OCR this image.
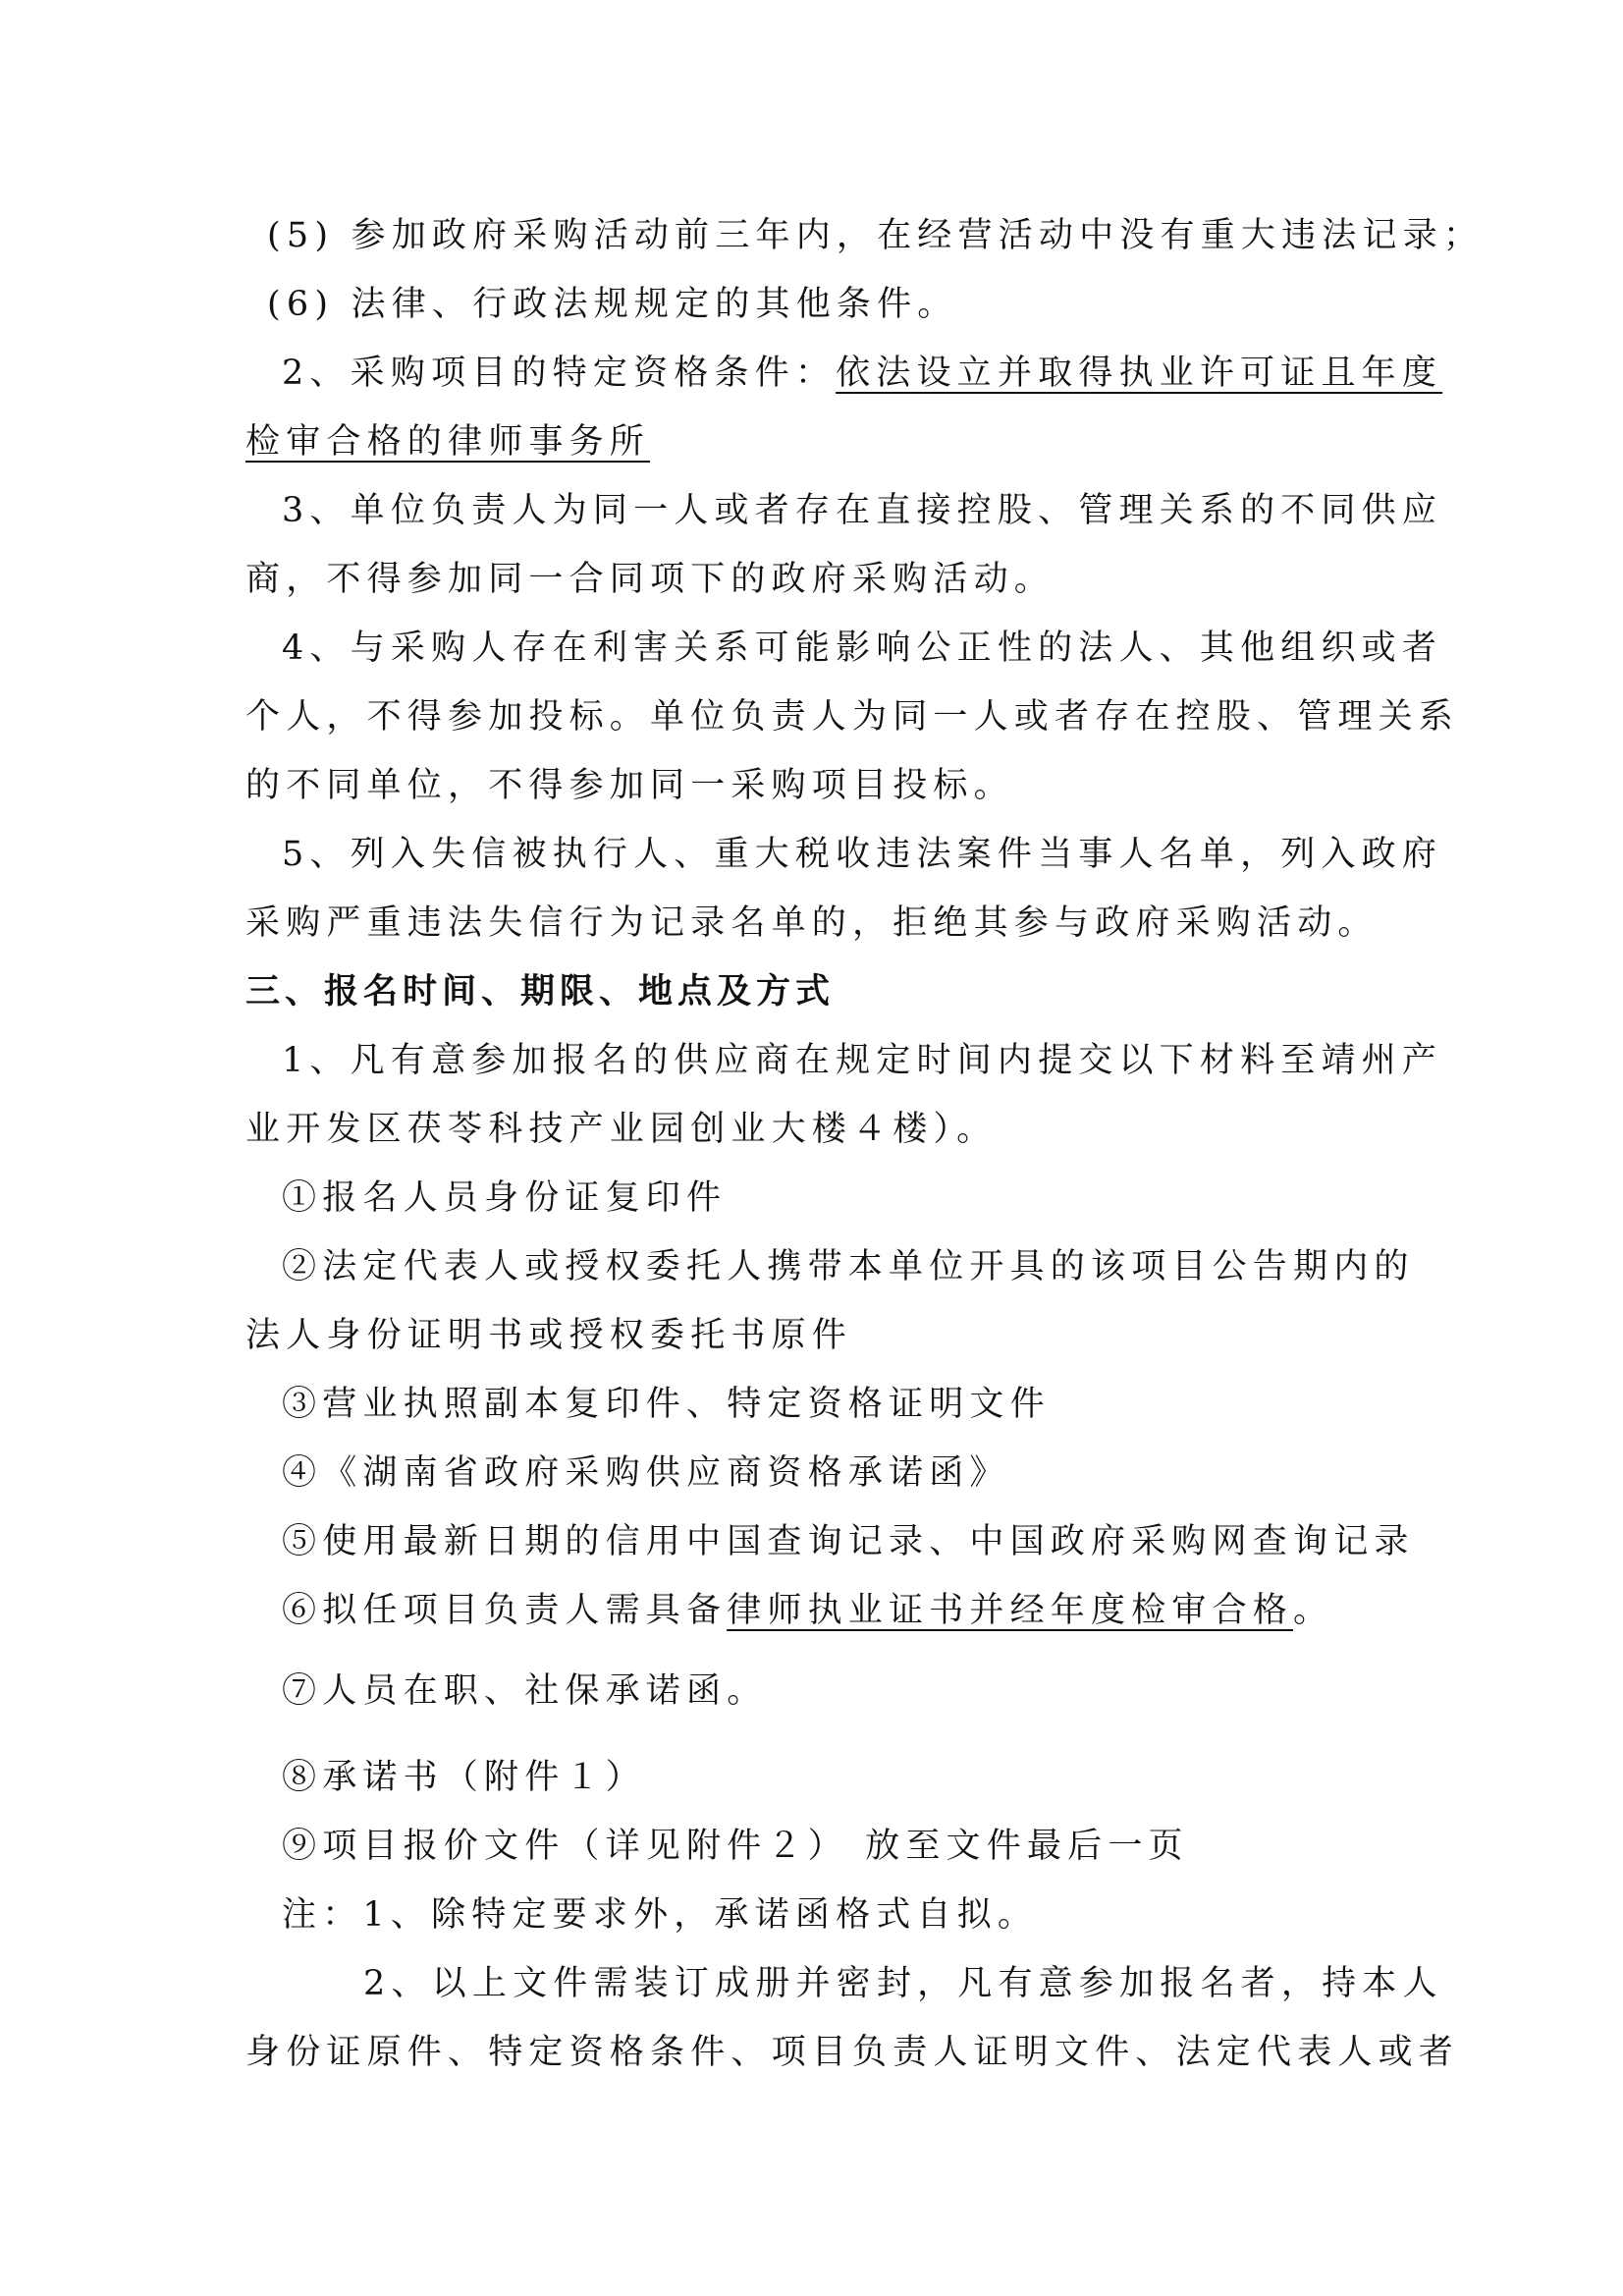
(5) 参加政府采购活动前三年内，在经营活动中没有重大违法记录；
(6) 法律、行政法规规定的其他条件。
2、采购项目的特定资格条件：依法设立并取得执业许可证且年度
检审合格的律师事务所
3、单位负责人为同一人或者存在直接控股、管理关系的不同供应
商，不得参加同一合同项下的政府采购活动。
4、与采购人存在利害关系可能影响公正性的法人、其他组织或者
个人，不得参加投标。单位负责人为同一人或者存在控股、管理关系
的不同单位，不得参加同一采购项目投标。
5、列入失信被执行人、重大税收违法案件当事人名单，列入政府
采购严重违法失信行为记录名单的，拒绝其参与政府采购活动。
三、报名时间、期限、地点及方式
1、凡有意参加报名的供应商在规定时间内提交以下材料至靖州产
业开发区茯苓科技产业园创业大楼４楼）。
①报名人员身份证复印件
②法定代表人或授权委托人携带本单位开具的该项目公告期内的
法人身份证明书或授权委托书原件
③营业执照副本复印件、特定资格证明文件
④《湖南省政府采购供应商资格承诺函》
⑤使用最新日期的信用中国查询记录、中国政府采购网查询记录
⑥拟任项目负责人需具备律师执业证书并经年度检审合格。
⑦人员在职、社保承诺函。
⑧承诺书（附件１）
⑨项目报价文件（详见附件２） 放至文件最后一页
注：1、除特定要求外，承诺函格式自拟。
2、以上文件需装订成册并密封，凡有意参加报名者，持本人
身份证原件、特定资格条件、项目负责人证明文件、法定代表人或者
